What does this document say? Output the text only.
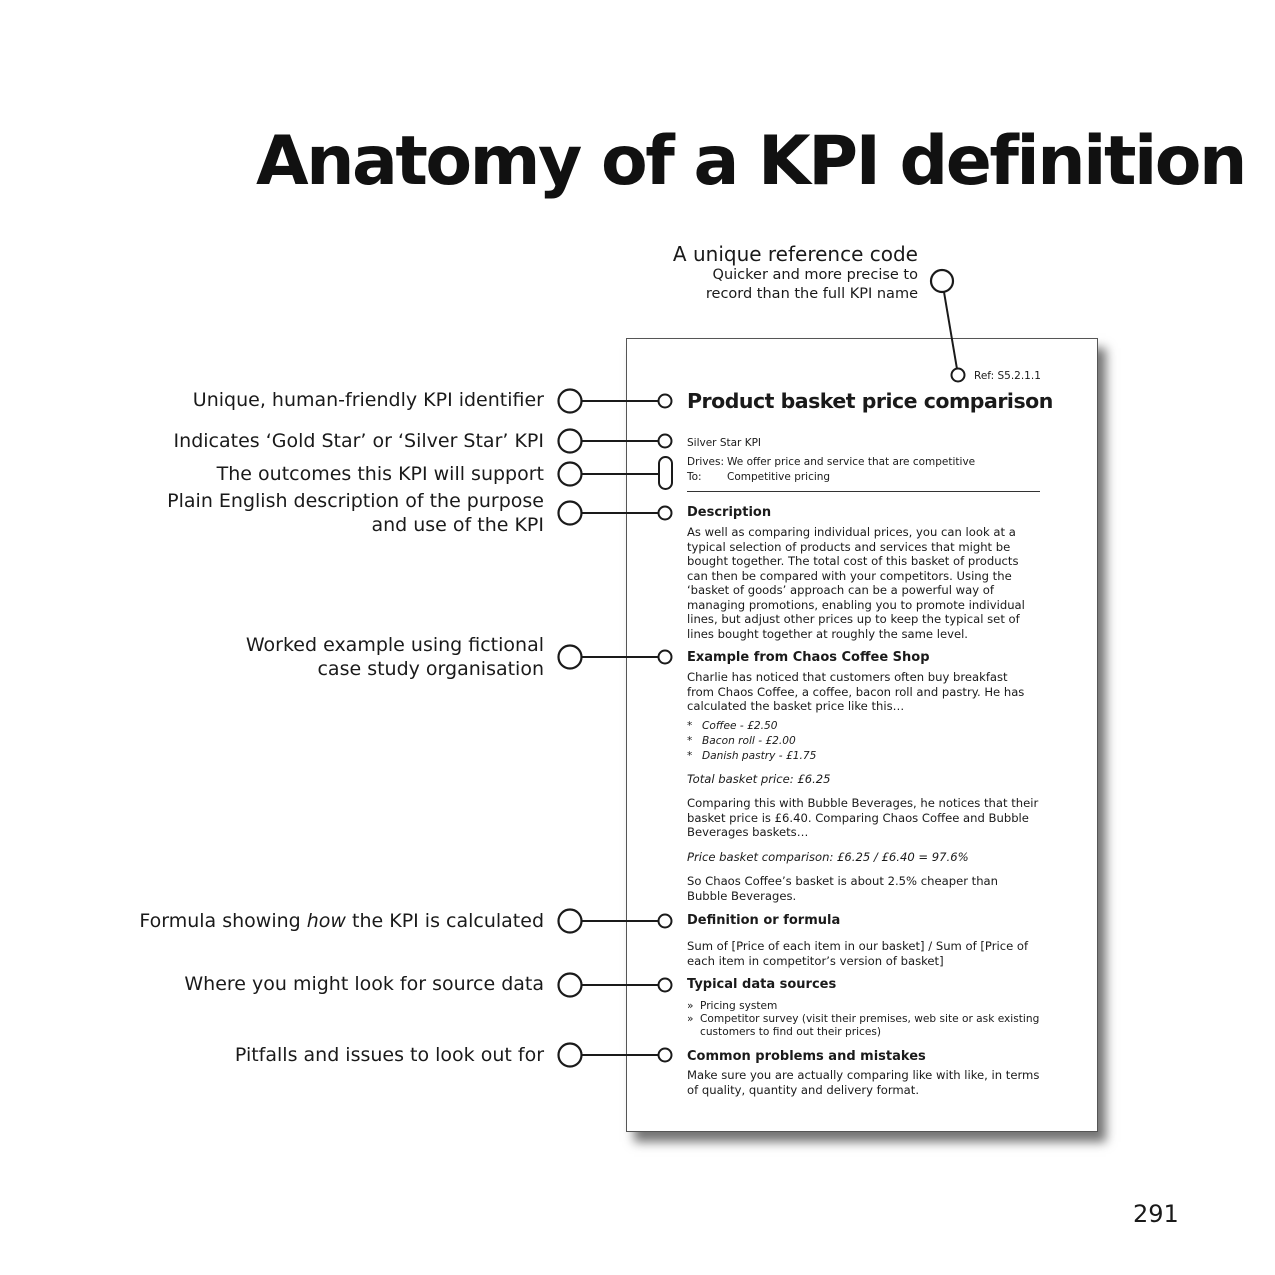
Anatomy of a KPI definition
A unique reference code
Quicker and more precise to
record than the full KPI name
Unique, human-friendly KPI identifier
Indicates ‘Gold Star’ or ‘Silver Star’ KPI
The outcomes this KPI will support
Plain English description of the purpose
and use of the KPI
Worked example using fictional
case study organisation
Formula showing how the KPI is calculated
Where you might look for source data
Pitfalls and issues to look out for
Ref: S5.2.1.1
Product basket price comparison
Silver Star KPI
Drives: We offer price and service that are competitive
To: Competitive pricing
Description
As well as comparing individual prices, you can look at a
typical selection of products and services that might be
bought together. The total cost of this basket of products
can then be compared with your competitors. Using the
‘basket of goods’ approach can be a powerful way of
managing promotions, enabling you to promote individual
lines, but adjust other prices up to keep the typical set of
lines bought together at roughly the same level.
Example from Chaos Coffee Shop
Charlie has noticed that customers often buy breakfast
from Chaos Coffee, a coffee, bacon roll and pastry. He has
calculated the basket price like this…
* Coffee - £2.50
* Bacon roll - £2.00
* Danish pastry - £1.75
Total basket price: £6.25
Comparing this with Bubble Beverages, he notices that their
basket price is £6.40. Comparing Chaos Coffee and Bubble
Beverages baskets…
Price basket comparison: £6.25 / £6.40 = 97.6%
So Chaos Coffee’s basket is about 2.5% cheaper than
Bubble Beverages.
Definition or formula
Sum of [Price of each item in our basket] / Sum of [Price of
each item in competitor’s version of basket]
Typical data sources
» Pricing system
» Competitor survey (visit their premises, web site or ask existing
customers to find out their prices)
Common problems and mistakes
Make sure you are actually comparing like with like, in terms
of quality, quantity and delivery format.
291
